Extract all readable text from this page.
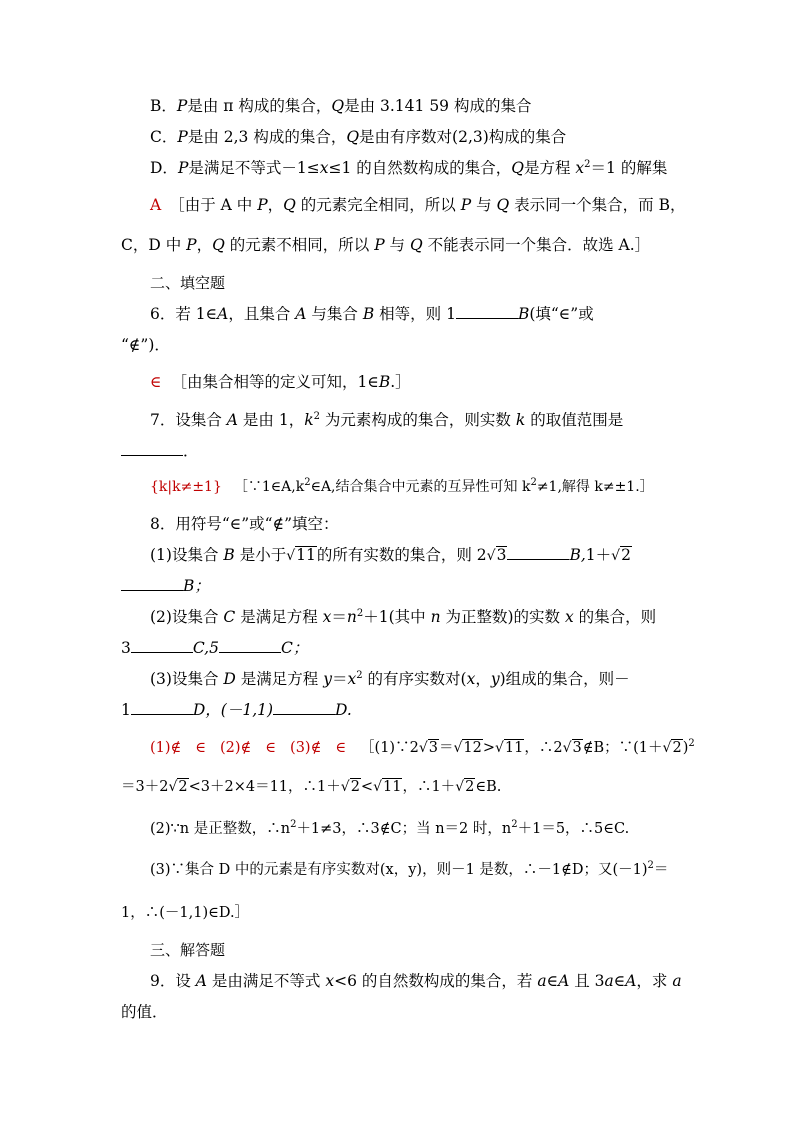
B．P是由 π 构成的集合，Q是由 3.141 59 构成的集合
C．P是由 2,3 构成的集合，Q是由有序数对(2,3)构成的集合
D．P是满足不等式－1≤x≤1 的自然数构成的集合，Q是方程 $x^2=1$ 的解集
A ［由于 A 中 P，Q 的元素完全相同，所以 P 与 Q 表示同一个集合，而 B，
C，D 中 P，Q 的元素不相同，所以 P 与 Q 不能表示同一个集合．故选 A.］
二、填空题
6．若 1∈A，且集合 A 与集合 B 相等，则 1	B(填“∈”或
“∉”)．
∈ ［由集合相等的定义可知，1∈B.］
7．设集合 A 是由 1，$k^2$ 为元素构成的集合，则实数 k 的取值范围是
．
{k|k≠±1} $[\because 1\in A,k^2\in A$,结合集合中元素的互异性可知 $k^2\ne 1$,解得 k≠±1.］
8．用符号“∈”或“∉”填空：
(1)设集合 B 是小于√11的所有实数的集合，则 2√3	B,1＋√2
B；
(2)设集合 C 是满足方程 $x=n^2+1$(其中 n 为正整数)的实数 x 的集合，则
3	C,5	C；
(3)设集合 D 是满足方程 $y=x^2$ 的有序实数对(x，y)组成的集合，则－
1	D，(－1,1)	D.
(1)∉ ∈ (2)∉ ∈ (3)∉ ∈ ［(1)∵2√3＝√12>√11，∴2√3∉B；$\because(1+√2)^2$
＝3＋2√2<3＋2×4＝11，∴1＋√2<√11，∴1＋√2∈B.
(2)∵n 是正整数，$\therefore n^2+1\ne 3$，∴3∉C；当 n＝2 时，$n^2+1=5$，∴5∈C.
(3)∵集合 D 中的元素是有序实数对(x，y)，则－1 是数，∴－1∉D；又$(-1)^2=$
1，∴(－1,1)∈D.］
三、解答题
9．设 A 是由满足不等式 x<6 的自然数构成的集合，若 a∈A 且 3a∈A，求 a
的值．
